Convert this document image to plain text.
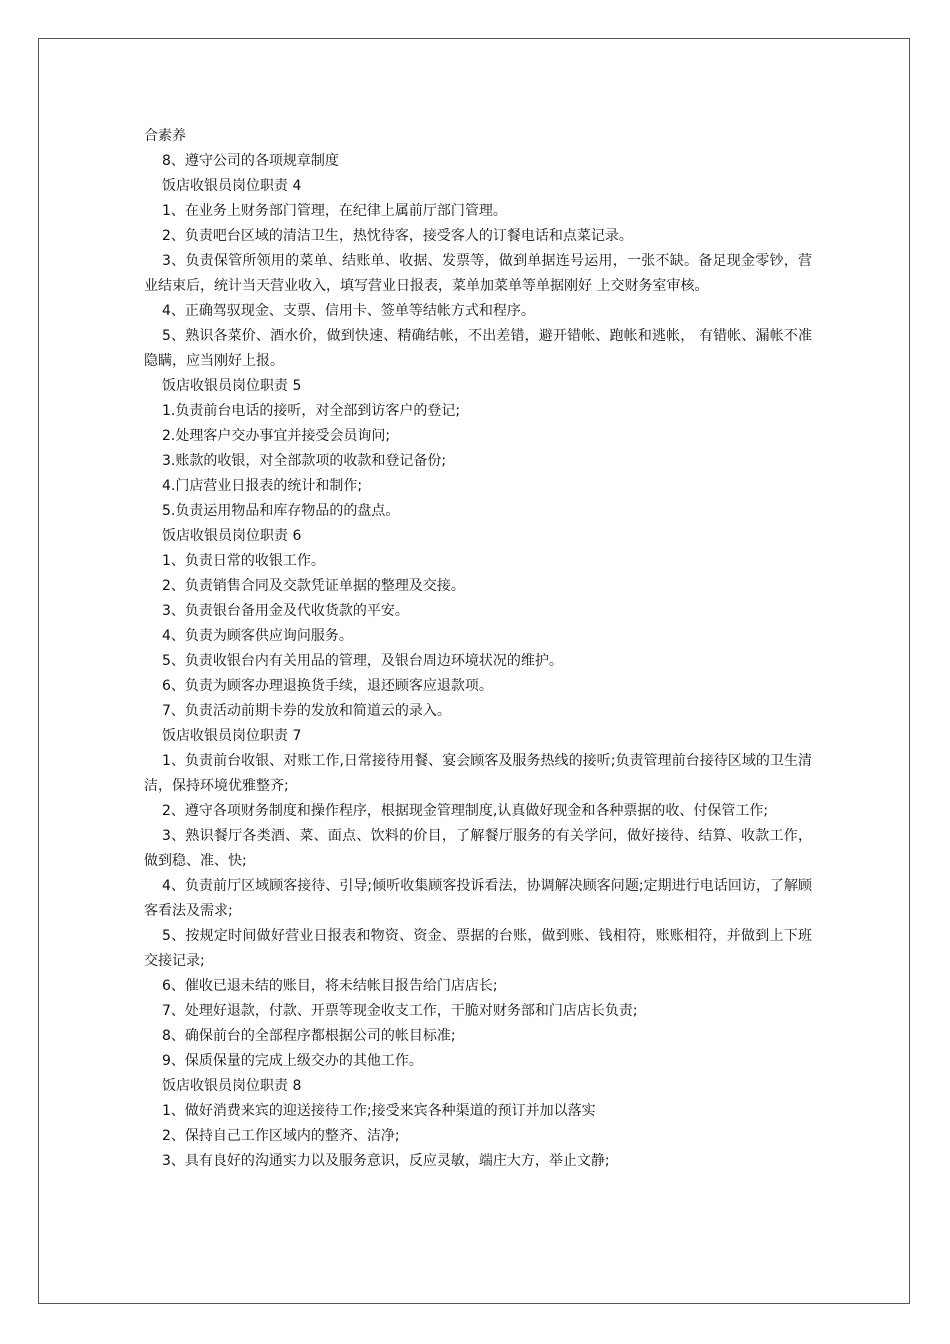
合素养

8、遵守公司的各项规章制度

饭店收银员岗位职责 4

1、在业务上财务部门管理，在纪律上属前厅部门管理。

2、负责吧台区域的清洁卫生，热忱待客，接受客人的订餐电话和点菜记录。

3、负责保管所领用的菜单、结账单、收据、发票等，做到单据连号运用，一张不缺。备足现金零钞，营业结束后，统计当天营业收入，填写营业日报表，菜单加菜单等单据刚好 上交财务室审核。

4、正确驾驭现金、支票、信用卡、签单等结帐方式和程序。

5、熟识各菜价、酒水价，做到快速、精确结帐，不出差错，避开错帐、跑帐和逃帐， 有错帐、漏帐不准隐瞒，应当刚好上报。

饭店收银员岗位职责 5

1.负责前台电话的接听，对全部到访客户的登记;

2.处理客户交办事宜并接受会员询问;

3.账款的收银，对全部款项的收款和登记备份;

4.门店营业日报表的统计和制作;

5.负责运用物品和库存物品的的盘点。

饭店收银员岗位职责 6

1、负责日常的收银工作。

2、负责销售合同及交款凭证单据的整理及交接。

3、负责银台备用金及代收货款的平安。

4、负责为顾客供应询问服务。

5、负责收银台内有关用品的管理，及银台周边环境状况的维护。

6、负责为顾客办理退换货手续，退还顾客应退款项。

7、负责活动前期卡券的发放和简道云的录入。

饭店收银员岗位职责 7

1、负责前台收银、对账工作,日常接待用餐、宴会顾客及服务热线的接听;负责管理前台接待区域的卫生清洁，保持环境优雅整齐;

2、遵守各项财务制度和操作程序，根据现金管理制度,认真做好现金和各种票据的收、付保管工作;

3、熟识餐厅各类酒、菜、面点、饮料的价目，了解餐厅服务的有关学问，做好接待、结算、收款工作，做到稳、准、快;

4、负责前厅区域顾客接待、引导;倾听收集顾客投诉看法，协调解决顾客问题;定期进行电话回访，了解顾客看法及需求;

5、按规定时间做好营业日报表和物资、资金、票据的台账，做到账、钱相符，账账相符，并做到上下班交接记录;

6、催收已退未结的账目，将未结帐目报告给门店店长;

7、处理好退款，付款、开票等现金收支工作，干脆对财务部和门店店长负责;

8、确保前台的全部程序都根据公司的帐目标准;

9、保质保量的完成上级交办的其他工作。

饭店收银员岗位职责 8

1、做好消费来宾的迎送接待工作;接受来宾各种渠道的预订并加以落实

2、保持自己工作区域内的整齐、洁净;

3、具有良好的沟通实力以及服务意识，反应灵敏，端庄大方，举止文静;
